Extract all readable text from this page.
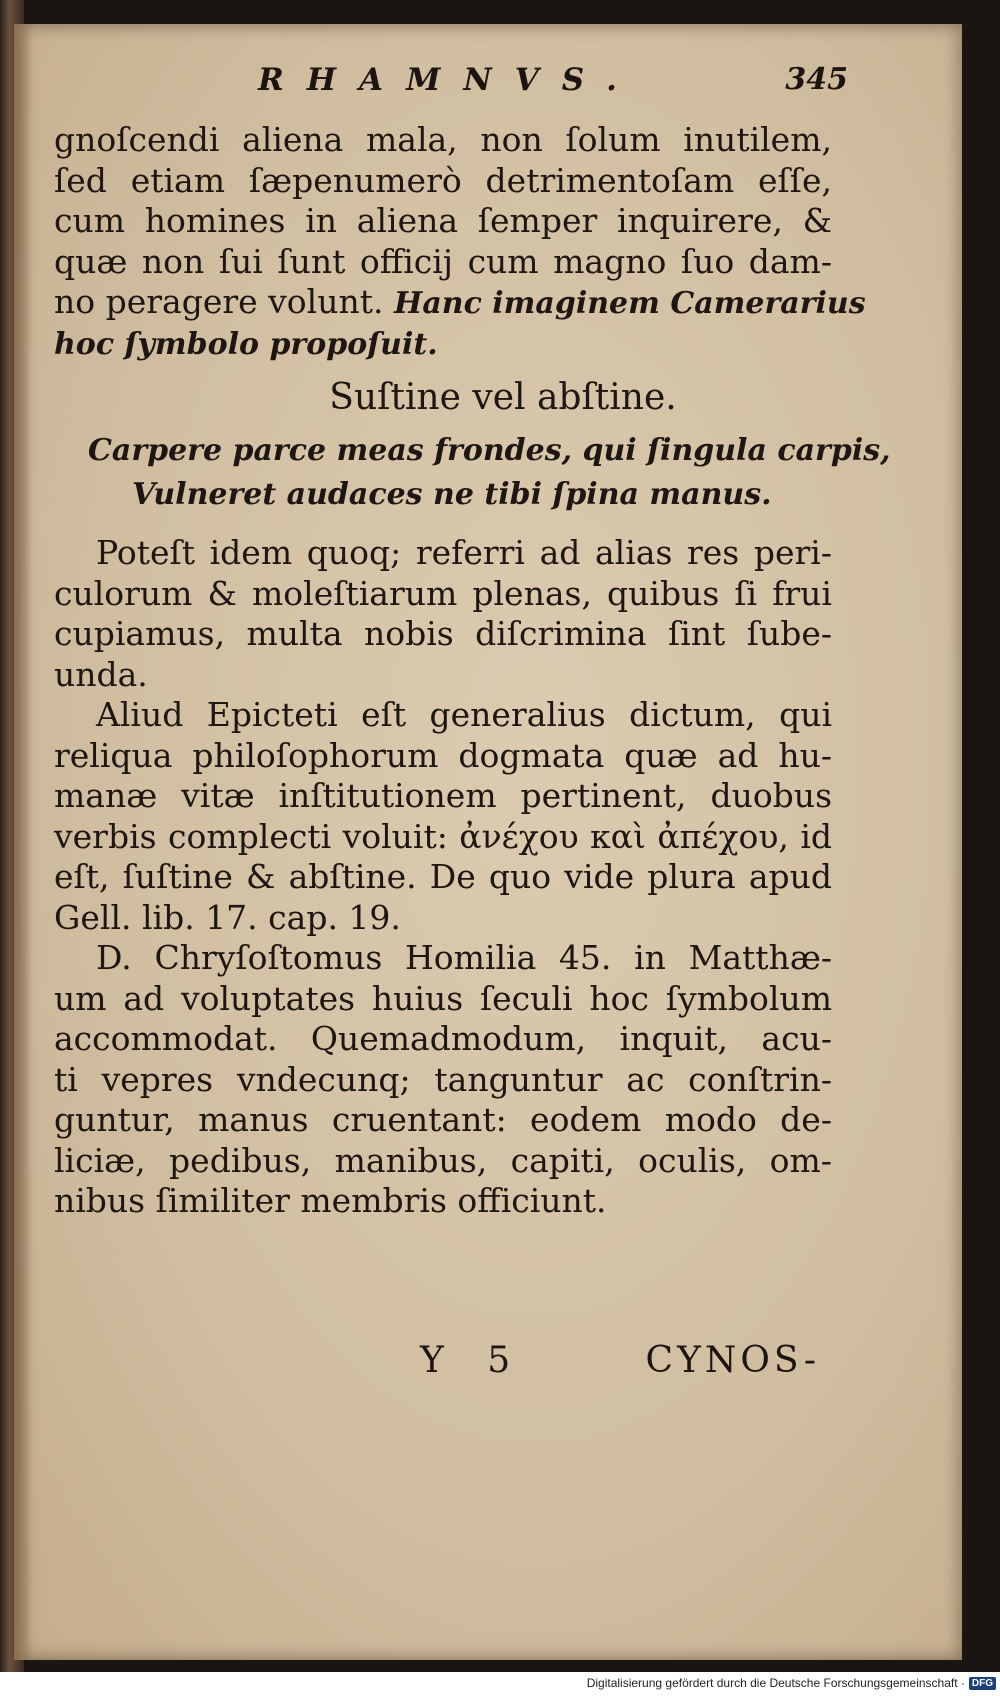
RHAMNVS.	345

gnoſcendi aliena mala, non ſolum inutilem,

ſed etiam ſæpenumerò detrimentoſam eſſe,

cum homines in aliena ſemper inquirere, &

quæ non ſui ſunt officij cum magno ſuo dam-

no peragere volunt. Hanc imaginem Camerarius

hoc ſymbolo propoſuit.

Suſtine vel abſtine.
Carpere parce meas frondes, qui ſingula carpis,
Vulneret audaces ne tibi ſpina manus.

Poteſt idem quoq; referri ad alias res peri-

culorum & moleſtiarum plenas, quibus ſi frui

cupiamus, multa nobis diſcrimina ſint ſube-

unda.

Aliud Epicteti eſt generalius dictum, qui

reliqua philoſophorum dogmata quæ ad hu-

manæ vitæ inſtitutionem pertinent, duobus

verbis complecti voluit: ἀνέχου καὶ ἀπέχου, id

eſt, ſuſtine & abſtine. De quo vide plura apud

Gell. lib. 17. cap. 19.

D. Chryſoſtomus Homilia 45. in Matthæ-

um ad voluptates huius ſeculi hoc ſymbolum

accommodat. Quemadmodum, inquit, acu-

ti vepres vndecunq; tanguntur ac conſtrin-

guntur, manus cruentant: eodem modo de-

liciæ, pedibus, manibus, capiti, oculis, om-

nibus ſimiliter membris officiunt.

Y 5	CYNOS-
Digitalisierung gefördert durch die Deutsche Forschungsgemeinschaft · DFG
